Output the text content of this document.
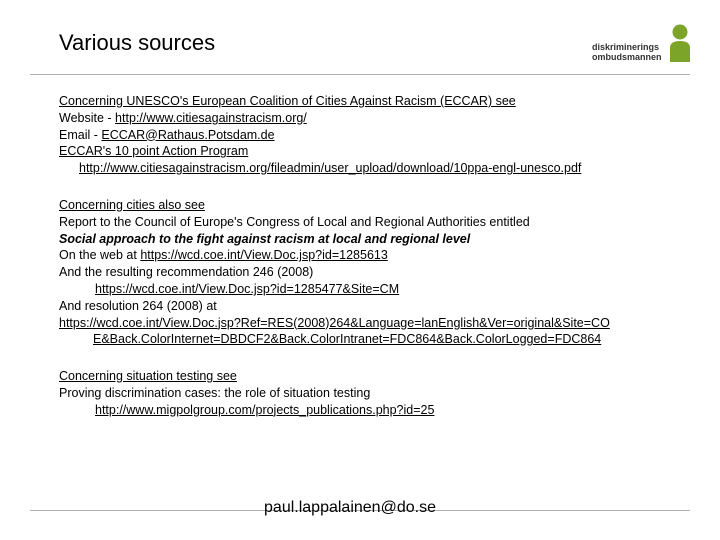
Various sources	diskriminerings
ombudsmannen
Concerning UNESCO's European Coalition of Cities Against Racism (ECCAR) see
Website - http://www.citiesagainstracism.org/
Email - ECCAR@Rathaus.Potsdam.de
ECCAR's 10 point Action Program
http://www.citiesagainstracism.org/fileadmin/user_upload/download/10ppa-engl-unesco.pdf
Concerning cities also see
Report to the Council of Europe's Congress of Local and Regional Authorities entitled
Social approach to the fight against racism at local and regional level
On the web at https://wcd.coe.int/View.Doc.jsp?id=1285613
And the resulting recommendation 246 (2008)
https://wcd.coe.int/View.Doc.jsp?id=1285477&Site=CM
And resolution 264 (2008) at
https://wcd.coe.int/View.Doc.jsp?Ref=RES(2008)264&Language=lanEnglish&Ver=original&Site=CO
E&Back.ColorInternet=DBDCF2&Back.ColorIntranet=FDC864&Back.ColorLogged=FDC864
Concerning situation testing see
Proving discrimination cases: the role of situation testing
http://www.migpolgroup.com/projects_publications.php?id=25
paul.lappalainen@do.se
